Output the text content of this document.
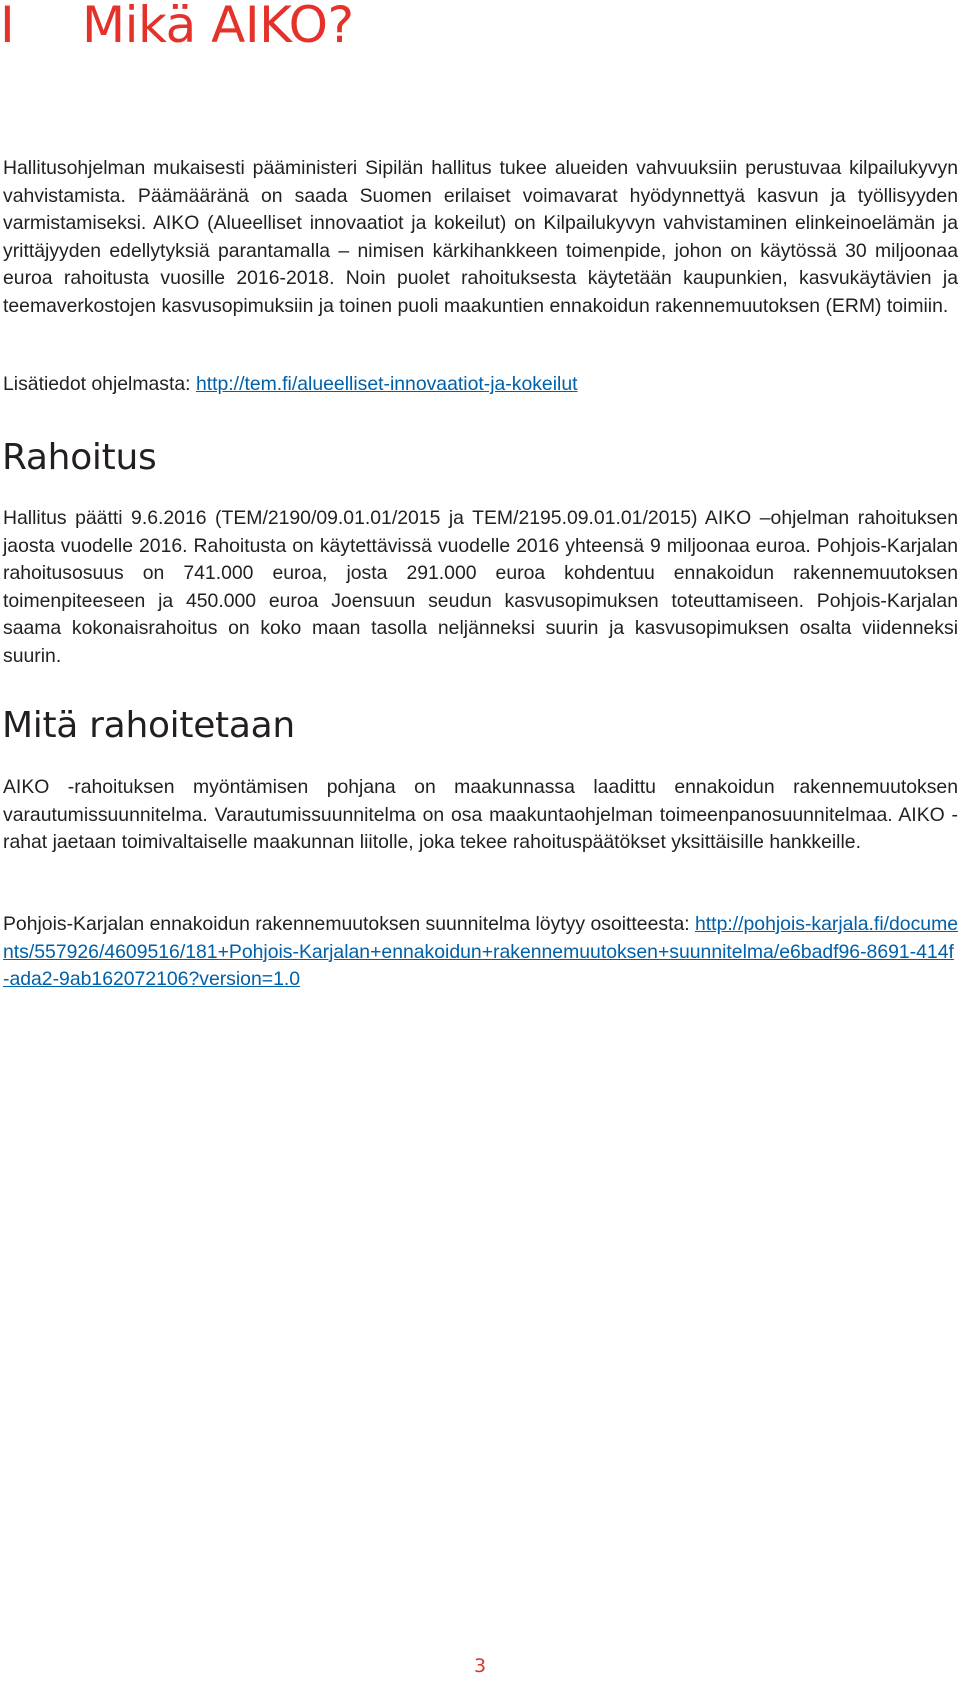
I Mikä AIKO?

Hallitusohjelman mukaisesti pääministeri Sipilän hallitus tukee alueiden vahvuuksiin perustuvaa kilpailukyvyn vahvistamista. Päämääränä on saada Suomen erilaiset voimavarat hyödynnettyä kasvun ja työllisyyden varmistamiseksi. AIKO (Alueelliset innovaatiot ja kokeilut) on Kilpailukyvyn vahvistaminen elinkeinoelämän ja yrittäjyyden edellytyksiä parantamalla – nimisen kärkihankkeen toimenpide, johon on käytössä 30 miljoonaa euroa rahoitusta vuosille 2016-2018. Noin puolet rahoituksesta käytetään kaupunkien, kasvukäytävien ja teemaverkostojen kasvusopimuksiin ja toinen puoli maakuntien ennakoidun rakennemuutoksen (ERM) toimiin.

Lisätiedot ohjelmasta: http://tem.fi/alueelliset-innovaatiot-ja-kokeilut

Rahoitus

Hallitus päätti 9.6.2016 (TEM/2190/09.01.01/2015 ja TEM/2195.09.01.01/2015) AIKO –ohjelman rahoituksen jaosta vuodelle 2016. Rahoitusta on käytettävissä vuodelle 2016 yhteensä 9 miljoonaa euroa. Pohjois-Karjalan rahoitusosuus on 741.000 euroa, josta 291.000 euroa kohdentuu ennakoidun rakennemuutoksen toimenpiteeseen ja 450.000 euroa Joensuun seudun kasvusopimuksen toteuttamiseen. Pohjois-Karjalan saama kokonaisrahoitus on koko maan tasolla neljänneksi suurin ja kasvusopimuksen osalta viidenneksi suurin.

Mitä rahoitetaan

AIKO -rahoituksen myöntämisen pohjana on maakunnassa laadittu ennakoidun rakennemuutoksen varautumissuunnitelma. Varautumissuunnitelma on osa maakuntaohjelman toimeenpanosuunnitelmaa. AIKO -rahat jaetaan toimivaltaiselle maakunnan liitolle, joka tekee rahoituspäätökset yksittäisille hankkeille.

Pohjois-Karjalan ennakoidun rakennemuutoksen suunnitelma löytyy osoitteesta: http://pohjois-karjala.fi/documents/557926/4609516/181+Pohjois-Karjalan+ennakoidun+rakennemuutoksen+suunnitelma/e6badf96-8691-414f-ada2-9ab162072106?version=1.0

3
